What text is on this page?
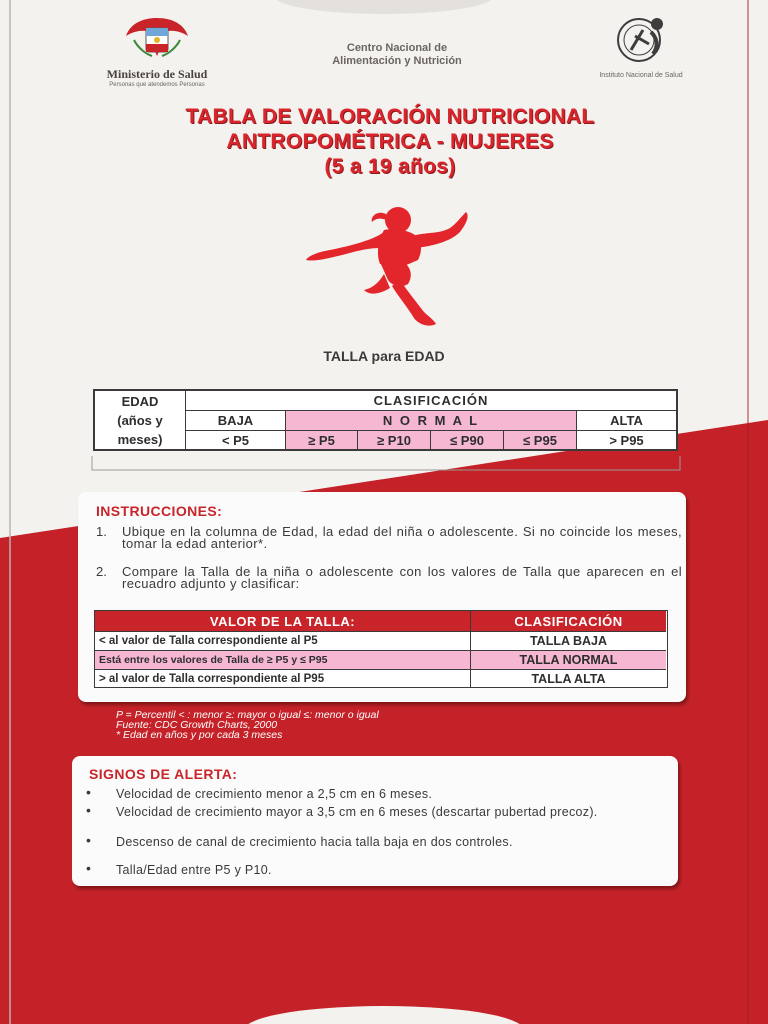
Ministerio de Salud
Personas que atendemos Personas
Centro Nacional de
Alimentación y Nutrición
Instituto Nacional de Salud
TABLA DE VALORACIÓN NUTRICIONAL
ANTROPOMÉTRICA - MUJERES
(5 a 19 años)
TALLA para EDAD
EDAD
(años y
meses)
CLASIFICACIÓN
BAJA	N O R M A L	ALTA
< P5	≥ P5	≥ P10	≤ P90	≤ P95	> P95
INSTRUCCIONES:
1. Ubique en la columna de Edad, la edad del niña o adolescente. Si no coincide los meses, tomar la edad anterior*.
2. Compare la Talla de la niña o adolescente con los valores de Talla que aparecen en el recuadro adjunto y clasificar:
VALOR DE LA TALLA:	CLASIFICACIÓN
< al valor de Talla correspondiente al P5	TALLA BAJA
Está entre los valores de Talla de ≥ P5 y ≤ P95	TALLA NORMAL
> al valor de Talla correspondiente al P95	TALLA ALTA
P = Percentil < : menor ≥: mayor o igual ≤: menor o igual
Fuente: CDC Growth Charts, 2000
* Edad en años y por cada 3 meses
SIGNOS DE ALERTA:
• Velocidad de crecimiento menor a 2,5 cm en 6 meses.
• Velocidad de crecimiento mayor a 3,5 cm en 6 meses (descartar pubertad precoz).
• Descenso de canal de crecimiento hacia talla baja en dos controles.
• Talla/Edad entre P5 y P10.
